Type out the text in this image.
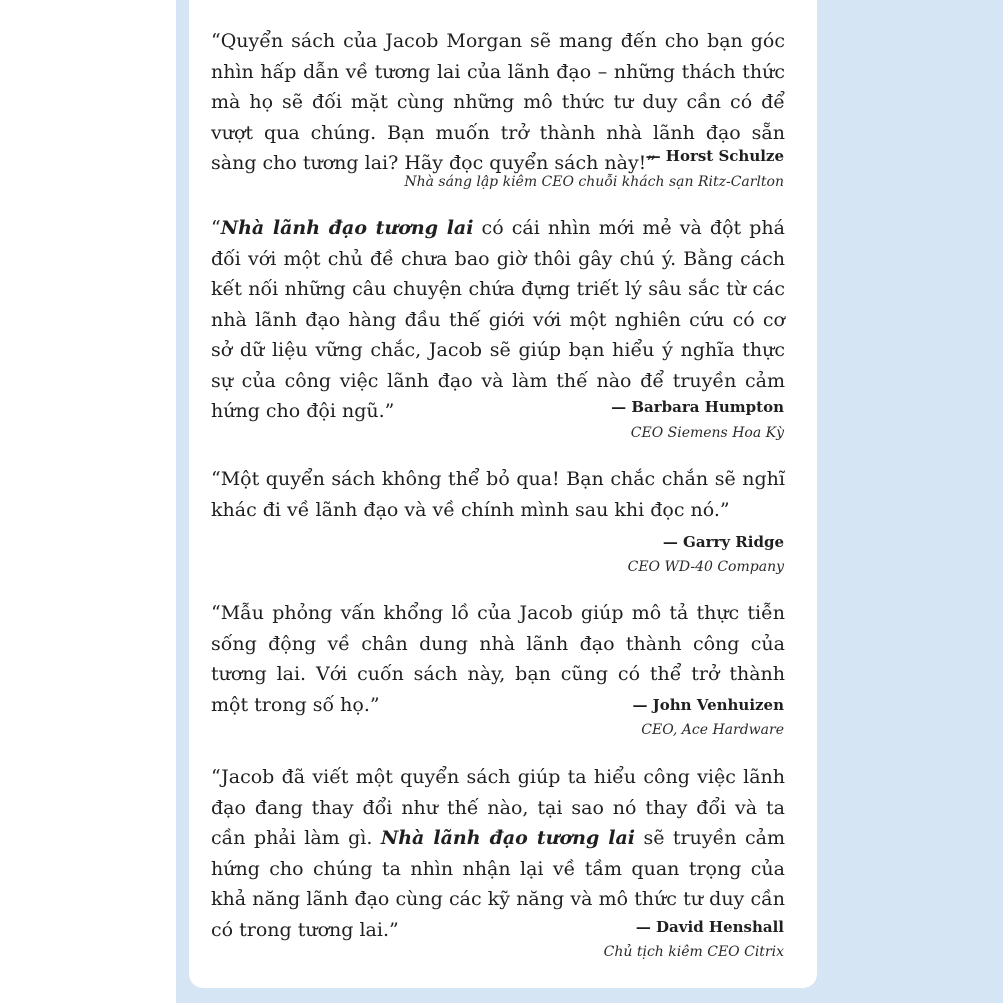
“Quyển sách của Jacob Morgan sẽ mang đến cho bạn góc nhìn hấp dẫn về tương lai của lãnh đạo – những thách thức mà họ sẽ đối mặt cùng những mô thức tư duy cần có để vượt qua chúng. Bạn muốn trở thành nhà lãnh đạo sẵn sàng cho tương lai? Hãy đọc quyển sách này!”

— Horst Schulze

Nhà sáng lập kiêm CEO chuỗi khách sạn Ritz-Carlton

“Nhà lãnh đạo tương lai có cái nhìn mới mẻ và đột phá đối với một chủ đề chưa bao giờ thôi gây chú ý. Bằng cách kết nối những câu chuyện chứa đựng triết lý sâu sắc từ các nhà lãnh đạo hàng đầu thế giới với một nghiên cứu có cơ sở dữ liệu vững chắc, Jacob sẽ giúp bạn hiểu ý nghĩa thực sự của công việc lãnh đạo và làm thế nào để truyền cảm hứng cho đội ngũ.”	— Barbara Humpton

CEO Siemens Hoa Kỳ

“Một quyển sách không thể bỏ qua! Bạn chắc chắn sẽ nghĩ khác đi về lãnh đạo và về chính mình sau khi đọc nó.”

— Garry Ridge

CEO WD-40 Company

“Mẫu phỏng vấn khổng lồ của Jacob giúp mô tả thực tiễn sống động về chân dung nhà lãnh đạo thành công của tương lai. Với cuốn sách này, bạn cũng có thể trở thành một trong số họ.”	— John Venhuizen

CEO, Ace Hardware

“Jacob đã viết một quyển sách giúp ta hiểu công việc lãnh đạo đang thay đổi như thế nào, tại sao nó thay đổi và ta cần phải làm gì. Nhà lãnh đạo tương lai sẽ truyền cảm hứng cho chúng ta nhìn nhận lại về tầm quan trọng của khả năng lãnh đạo cùng các kỹ năng và mô thức tư duy cần có trong tương lai.”	— David Henshall

Chủ tịch kiêm CEO Citrix
